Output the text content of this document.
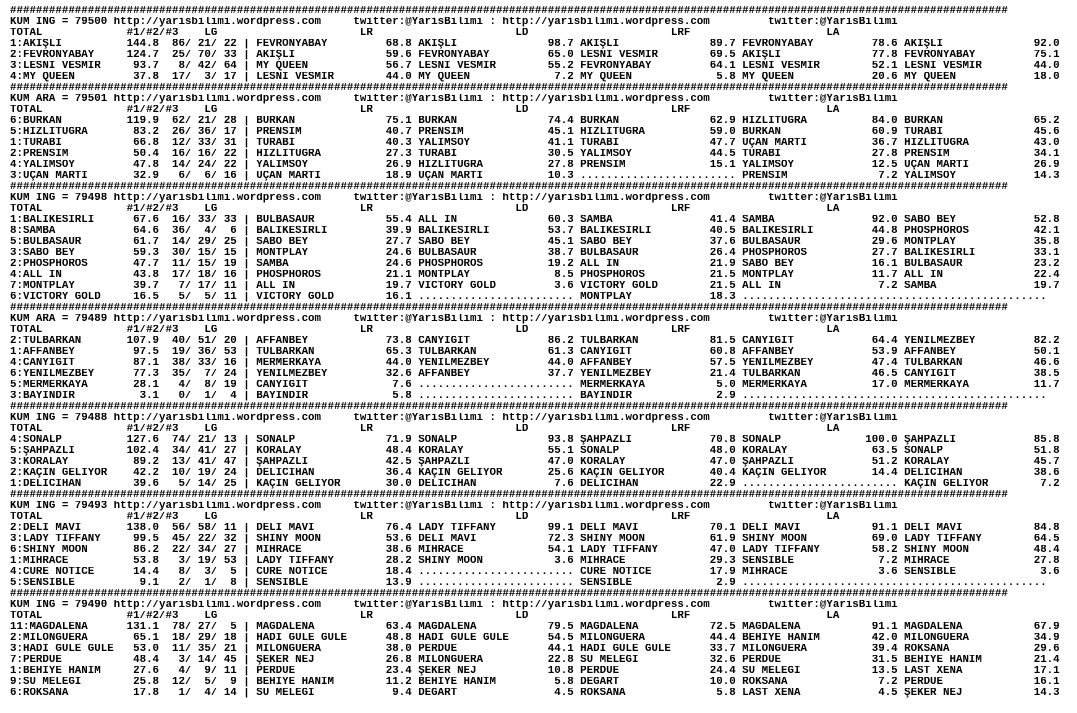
##########################################################################################################################################################
KUM ING = 79500 http://yarisbilimi.wordpress.com     twitter:@YarisBilimi : http://yarisbilimi.wordpress.com         twitter:@YarisBilimi
TOTAL             #1/#2/#3    LG                      LR                      LD                      LRF                     LA
1:AKIŞLI          144.8  86/ 21/ 22 | FEVRONYABAY         68.8 AKIŞLI              98.7 AKIŞLI              89.7 FEVRONYABAY         78.6 AKIŞLI              92.0
2:FEVRONYABAY     124.7  25/ 70/ 33 | AKIŞLI              59.6 FEVRONYABAY         65.0 LESNİ VESMİR        69.5 AKIŞLI              77.8 FEVRONYABAY         75.1
3:LESNİ VESMİR     93.7   8/ 42/ 64 | MY QUEEN            56.7 LESNİ VESMİR        55.2 FEVRONYABAY         64.1 LESNİ VESMİR        52.1 LESNİ VESMİR        44.0
4:MY QUEEN         37.8  17/  3/ 17 | LESNİ VESMİR        44.0 MY QUEEN             7.2 MY QUEEN             5.8 MY QUEEN            20.6 MY QUEEN            18.0
##########################################################################################################################################################
KUM ARA = 79501 http://yarisbilimi.wordpress.com     twitter:@YarisBilimi : http://yarisbilimi.wordpress.com         twitter:@YarisBilimi
TOTAL             #1/#2/#3    LG                      LR                      LD                      LRF                     LA
6:BÜRKAN          119.9  62/ 21/ 28 | BÜRKAN              75.1 BÜRKAN              74.4 BÜRKAN              62.9 HIZLITUĞRA          84.0 BÜRKAN              65.2
5:HIZLITUĞRA       83.2  26/ 36/ 17 | PRENSİM             40.7 PRENSİM             45.1 HIZLITUĞRA          59.0 BÜRKAN              60.9 TURABİ              45.6
1:TURABİ           66.8  12/ 33/ 31 | TURABİ              40.3 YALIMSOY            41.1 TURABİ              47.7 UÇAN MARTI          36.7 HIZLITUĞRA          43.0
2:PRENSİM          50.4  16/ 16/ 22 | HIZLITUĞRA          27.3 TURABİ              30.5 YALIMSOY            44.5 TURABİ              27.8 PRENSİM             34.1
4:YALIMSOY         47.8  14/ 24/ 22 | YALIMSOY            26.9 HIZLITUĞRA          27.8 PRENSİM             15.1 YALIMSOY            12.5 UÇAN MARTI          26.9
3:UÇAN MARTI       32.9   6/  6/ 16 | UÇAN MARTI          18.9 UÇAN MARTI          10.3 ........................ PRENSİM              7.2 YALIMSOY            14.3
##########################################################################################################################################################
KUM ING = 79498 http://yarisbilimi.wordpress.com     twitter:@YarisBilimi : http://yarisbilimi.wordpress.com         twitter:@YarisBilimi
TOTAL             #1/#2/#3    LG                      LR                      LD                      LRF                     LA
1:BALIKESİRLİ      67.6  16/ 33/ 33 | BULBASAUR           55.4 ALL IN              60.3 SAMBA               41.4 SAMBA               92.0 SABO BEY            52.8
8:SAMBA            64.6  36/  4/  6 | BALIKESİRLİ         39.9 BALIKESİRLİ         53.7 BALIKESİRLİ         40.5 BALIKESİRLİ         44.8 PHOSPHOROS          42.1
5:BULBASAUR        61.7  14/ 29/ 25 | SABO BEY            27.7 SABO BEY            45.1 SABO BEY            37.6 BULBASAUR           29.6 MONTPLAY            35.8
3:SABO BEY         59.3  30/ 15/ 15 | MONTPLAY            24.6 BULBASAUR           38.7 BULBASAUR           26.4 PHOSPHOROS          27.7 BALIKESİRLİ         33.1
2:PHOSPHOROS       47.7  11/ 15/ 19 | SAMBA               24.6 PHOSPHOROS          19.2 ALL IN              21.9 SABO BEY            16.1 BULBASAUR           23.2
4:ALL IN           43.8  17/ 18/ 16 | PHOSPHOROS          21.1 MONTPLAY             8.5 PHOSPHOROS          21.5 MONTPLAY            11.7 ALL IN              22.4
7:MONTPLAY         39.7   7/ 17/ 11 | ALL IN              19.7 VICTORY GOLD         3.6 VICTORY GOLD        21.5 ALL IN               7.2 SAMBA               19.7
6:VICTORY GOLD     16.5   5/  5/ 11 | VICTORY GOLD        16.1 ........................ MONTPLAY            18.3 ...............................................
##########################################################################################################################################################
KUM ARA = 79489 http://yarisbilimi.wordpress.com     twitter:@YarisBilimi : http://yarisbilimi.wordpress.com         twitter:@YarisBilimi
TOTAL             #1/#2/#3    LG                      LR                      LD                      LRF                     LA
2:TULBARKAN       107.9  40/ 51/ 20 | AFFANBEY            73.8 CANYİĞİT            86.2 TULBARKAN           81.5 CANYİĞİT            64.4 YENİLMEZBEY         82.2
1:AFFANBEY         97.5  19/ 36/ 53 | TULBARKAN           65.3 TULBARKAN           61.3 CANYİĞİT            60.8 AFFANBEY            53.9 AFFANBEY            50.1
4:CANYİĞİT         87.1  38/ 33/ 16 | MERMERKAYA          44.0 YENİLMEZBEY         44.0 AFFANBEY            57.5 YENİLMEZBEY         47.4 TULBARKAN           46.6
6:YENİLMEZBEY      77.3  35/  7/ 24 | YENİLMEZBEY         32.6 AFFANBEY            37.7 YENİLMEZBEY         21.4 TULBARKAN           46.5 CANYİĞİT            38.5
5:MERMERKAYA       28.1   4/  8/ 19 | CANYİĞİT             7.6 ........................ MERMERKAYA           5.0 MERMERKAYA          17.0 MERMERKAYA          11.7
3:BAYINDIR          3.1   0/  1/  4 | BAYINDIR             5.8 ........................ BAYINDIR             2.9 ...............................................
##########################################################################################################################################################
KUM ING = 79488 http://yarisbilimi.wordpress.com     twitter:@YarisBilimi : http://yarisbilimi.wordpress.com         twitter:@YarisBilimi
TOTAL             #1/#2/#3    LG                      LR                      LD                      LRF                     LA
4:SONALP          127.6  74/ 21/ 13 | SONALP              71.9 SONALP              93.8 ŞAHPAZLI            70.8 SONALP             100.0 ŞAHPAZLI            85.8
5:ŞAHPAZLI        102.4  34/ 41/ 27 | KORALAY             48.4 KORALAY             55.1 SONALP              48.0 KORALAY             63.5 SONALP              51.8
3:KORALAY          89.2  13/ 41/ 47 | ŞAHPAZLI            42.5 ŞAHPAZLI            47.0 KORALAY             47.0 ŞAHPAZLI            51.2 KORALAY             45.7
2:KAÇIN GELİYOR    42.2  10/ 19/ 24 | DELİCİHAN           36.4 KAÇIN GELİYOR       25.6 KAÇIN GELİYOR       40.4 KAÇIN GELİYOR       14.4 DELİCİHAN           38.6
1:DELİCİHAN        39.6   5/ 14/ 25 | KAÇIN GELİYOR       30.0 DELİCİHAN            7.6 DELİCİHAN           22.9 ........................ KAÇIN GELİYOR        7.2
##########################################################################################################################################################
KUM ING = 79493 http://yarisbilimi.wordpress.com     twitter:@YarisBilimi : http://yarisbilimi.wordpress.com         twitter:@YarisBilimi
TOTAL             #1/#2/#3    LG                      LR                      LD                      LRF                     LA
2:DELİ MAVİ       138.0  56/ 58/ 11 | DELİ MAVİ           76.4 LADY TIFFANY        99.1 DELİ MAVİ           70.1 DELİ MAVİ           91.1 DELİ MAVİ           84.8
3:LADY TIFFANY     99.5  45/ 22/ 32 | SHINY MOON          53.6 DELİ MAVİ           72.3 SHINY MOON          61.9 SHINY MOON          69.0 LADY TIFFANY        64.5
6:SHINY MOON       86.2  22/ 34/ 27 | MİHRACE             38.6 MİHRACE             54.1 LADY TIFFANY        47.0 LADY TIFFANY        58.2 SHINY MOON          48.4
1:MİHRACE          53.8   3/ 19/ 53 | LADY TIFFANY        28.2 SHINY MOON           3.6 MİHRACE             29.3 SENSIBLE             7.2 MİHRACE             27.8
4:CURE NOTICE      14.4   8/  3/  5 | CURE NOTICE         18.4 ........................ CURE NOTICE         17.9 MİHRACE              3.6 SENSIBLE             3.6
5:SENSIBLE          9.1   2/  1/  8 | SENSIBLE            13.9 ........................ SENSIBLE             2.9 ...............................................
##########################################################################################################################################################
KUM ING = 79490 http://yarisbilimi.wordpress.com     twitter:@YarisBilimi : http://yarisbilimi.wordpress.com         twitter:@YarisBilimi
TOTAL             #1/#2/#3    LG                      LR                      LD                      LRF                     LA
11:MAGDALENA      131.1  78/ 27/  5 | MAGDALENA           63.4 MAGDALENA           79.5 MAGDALENA           72.5 MAGDALENA           91.1 MAGDALENA           67.9
2:MILONGUERA       65.1  18/ 29/ 18 | HADİ GÜLE GÜLE      48.8 HADİ GÜLE GÜLE      54.5 MILONGUERA          44.4 BEHİYE HANIM        42.0 MILONGUERA          34.9
3:HADİ GÜLE GÜLE   53.0  11/ 35/ 21 | MILONGUERA          38.0 PERDUE              44.1 HADİ GÜLE GÜLE      33.7 MILONGUERA          39.4 ROKSANA             29.6
7:PERDUE           48.4   3/ 14/ 45 | ŞEKER NEJ           26.8 MILONGUERA          22.8 SU MELEĞİ           32.6 PERDUE              31.5 BEHİYE HANIM        21.4
1:BEHİYE HANIM     27.6   4/  9/ 11 | PERDUE              23.4 ŞEKER NEJ           10.8 PERDUE              24.4 SU MELEĞİ           13.5 LAST XENA           17.1
9:SU MELEĞİ        25.8  12/  5/  9 | BEHİYE HANIM        11.2 BEHİYE HANIM         5.8 DEGART              10.0 ROKSANA              7.2 PERDUE              16.1
6:ROKSANA          17.8   1/  4/ 14 | SU MELEĞİ            9.4 DEGART               4.5 ROKSANA              5.8 LAST XENA            4.5 ŞEKER NEJ           14.3
